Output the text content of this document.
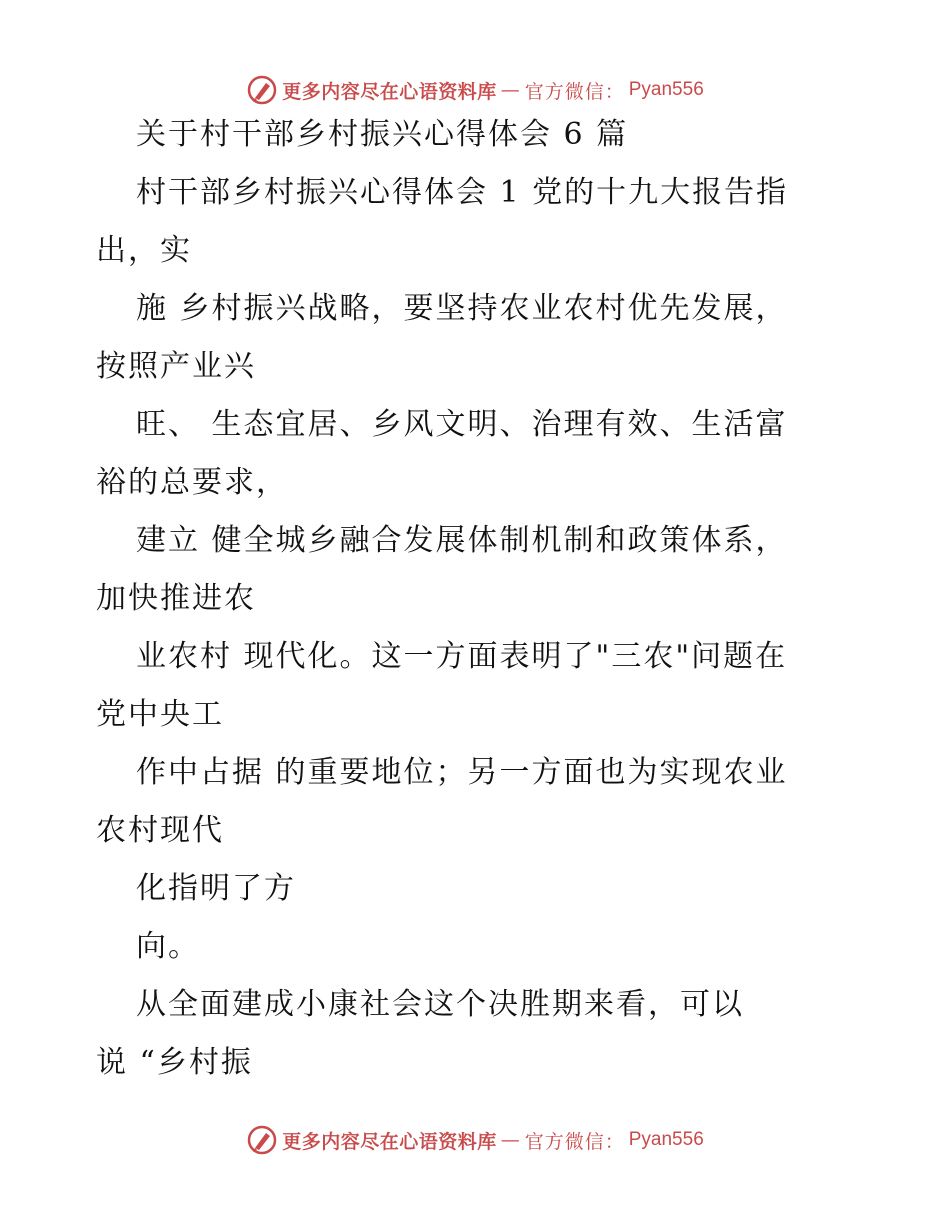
更多内容尽在心语资料库 — 官方微信： Pyan556
关于村干部乡村振兴心得体会 6 篇
村干部乡村振兴心得体会 1 党的十九大报告指
出，实
施 乡村振兴战略，要坚持农业农村优先发展，
按照产业兴
旺、 生态宜居、乡风文明、治理有效、生活富
裕的总要求，
建立 健全城乡融合发展体制机制和政策体系，
加快推进农
业农村 现代化。这一方面表明了"三农"问题在
党中央工
作中占据 的重要地位；另一方面也为实现农业
农村现代
化指明了方
向。
从全面建成小康社会这个决胜期来看，可以
说 “乡村振
更多内容尽在心语资料库 — 官方微信： Pyan556
